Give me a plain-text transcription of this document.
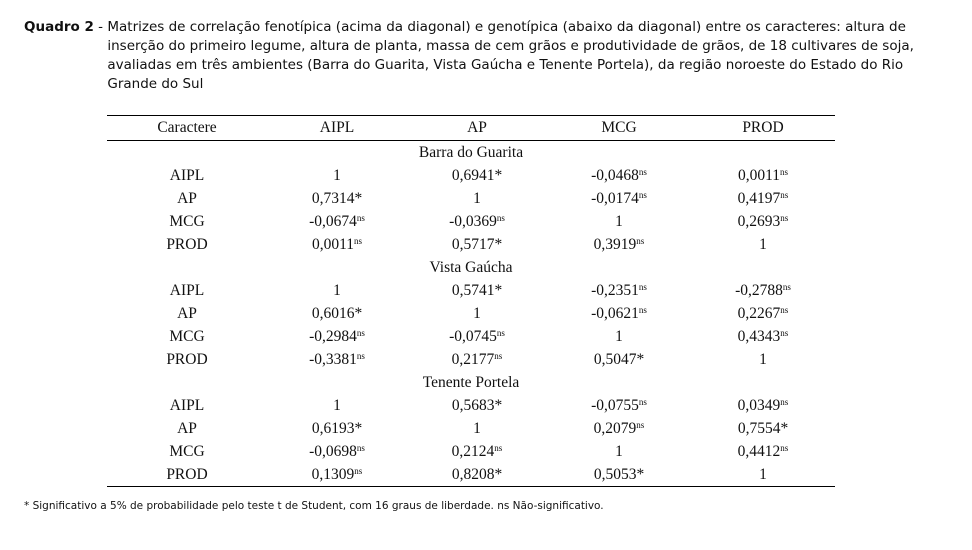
Quadro 2 - Matrizes de correlação fenotípica (acima da diagonal) e genotípica (abaixo da diagonal) entre os caracteres: altura de inserção do primeiro legume, altura de planta, massa de cem grãos e produtividade de grãos, de 18 cultivares de soja, avaliadas em três ambientes (Barra do Guarita, Vista Gaúcha e Tenente Portela), da região noroeste do Estado do Rio Grande do Sul
Caractere	AIPL	AP	MCG	PROD
Barra do Guarita				
AIPL	1	0,6941*	$-0,0468^{ns}$	$0,0011^{ns}$
AP	0,7314*	1	$-0,0174^{ns}$	$0,4197^{ns}$
MCG	$-0,0674^{ns}$	$-0,0369^{ns}$	1	$0,2693^{ns}$
PROD	$0,0011^{ns}$	0,5717*	$0,3919^{ns}$	1
Vista Gaúcha				
AIPL	1	0,5741*	$-0,2351^{ns}$	$-0,2788^{ns}$
AP	0,6016*	1	$-0,0621^{ns}$	$0,2267^{ns}$
MCG	$-0,2984^{ns}$	$-0,0745^{ns}$	1	$0,4343^{ns}$
PROD	$-0,3381^{ns}$	$0,2177^{ns}$	0,5047*	1
Tenente Portela				
AIPL	1	0,5683*	$-0,0755^{ns}$	$0,0349^{ns}$
AP	0,6193*	1	$0,2079^{ns}$	0,7554*
MCG	$-0,0698^{ns}$	$0,2124^{ns}$	1	$0,4412^{ns}$
PROD	$0,1309^{ns}$	0,8208*	0,5053*	1
* Significativo a 5% de probabilidade pelo teste t de Student, com 16 graus de liberdade. ns Não-significativo.
